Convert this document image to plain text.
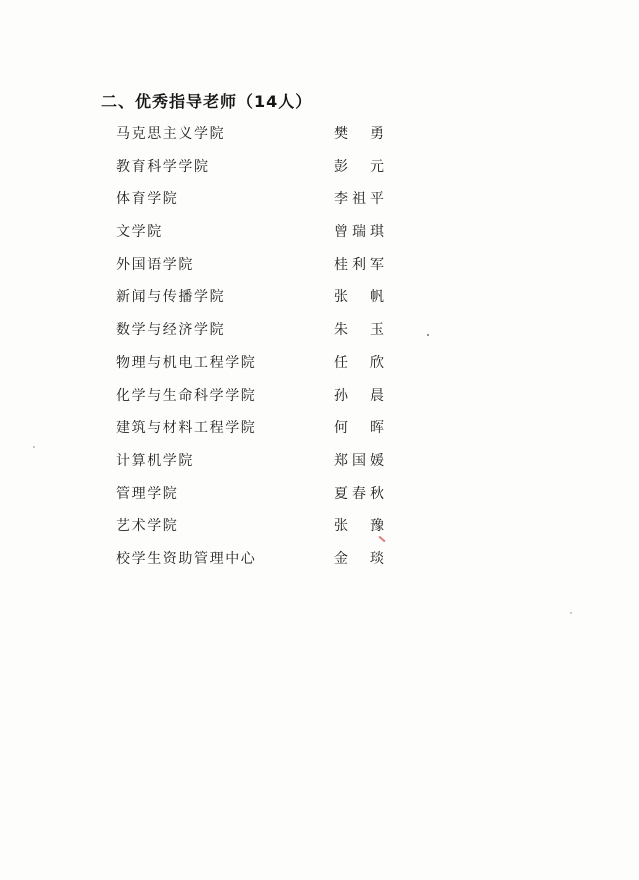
二、优秀指导老师（14人）
马克思主义学院	樊勇
教育科学学院	彭元
体育学院	李祖平
文学院	曾瑞琪
外国语学院	桂利军
新闻与传播学院	张帆
数学与经济学院	朱玉
物理与机电工程学院	任欣
化学与生命科学学院	孙晨
建筑与材料工程学院	何晖
计算机学院	郑国媛
管理学院	夏春秋
艺术学院	张豫
校学生资助管理中心	金琰
